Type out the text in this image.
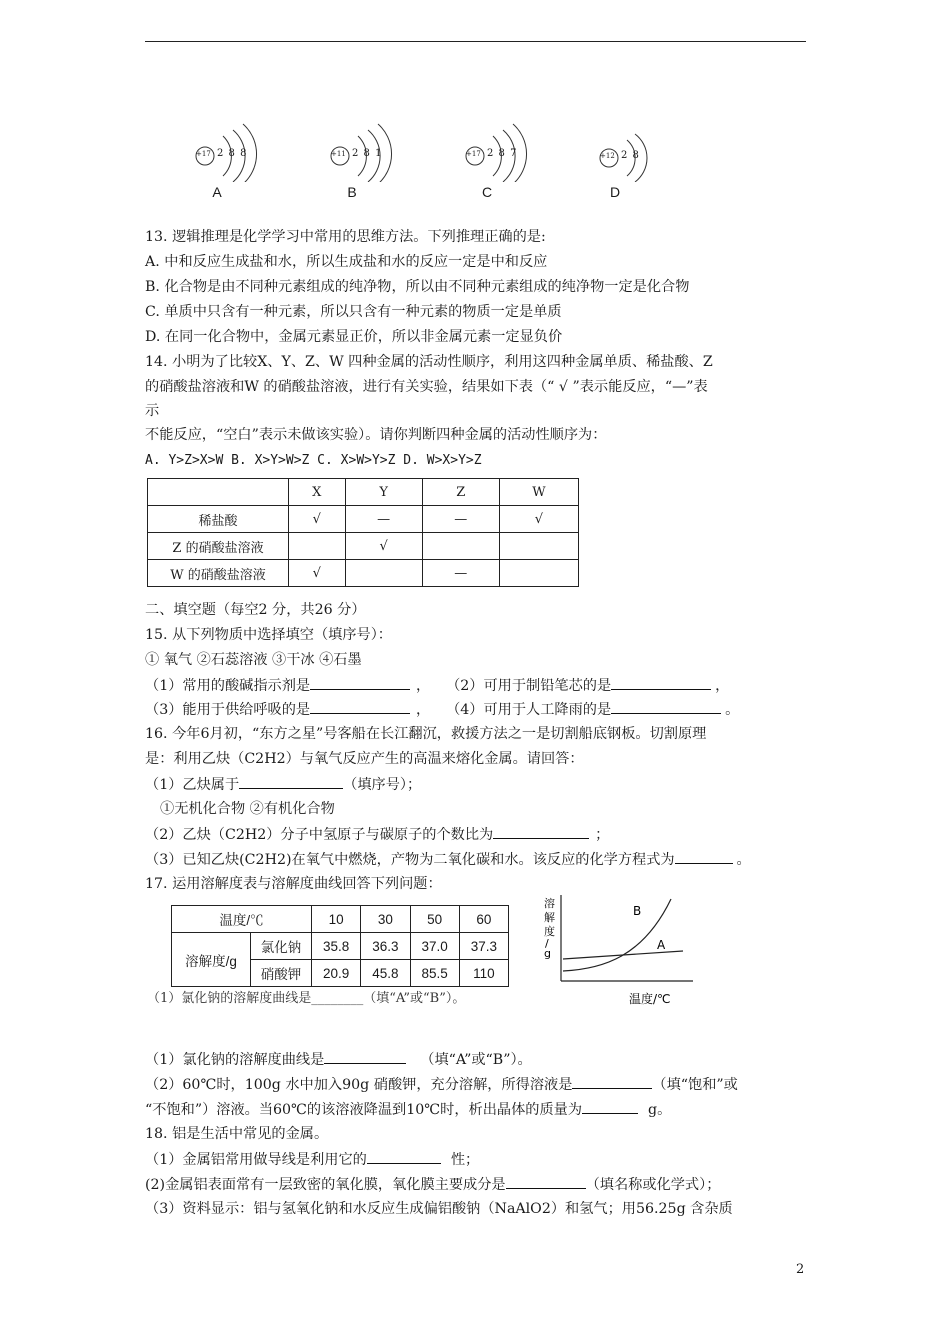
+17 2 8 8
A
+11 2 8 1
B
+17 2 8 7
C
+12 2 8
D
13. 逻辑推理是化学学习中常用的思维方法。下列推理正确的是:
A. 中和反应生成盐和水，所以生成盐和水的反应一定是中和反应
B. 化合物是由不同种元素组成的纯净物，所以由不同种元素组成的纯净物一定是化合物
C. 单质中只含有一种元素，所以只含有一种元素的物质一定是单质
D. 在同一化合物中，金属元素显正价，所以非金属元素一定显负价
14. 小明为了比较X、Y、Z、W 四种金属的活动性顺序，利用这四种金属单质、稀盐酸、Z
的硝酸盐溶液和W 的硝酸盐溶液，进行有关实验，结果如下表（“ √ ”表示能反应，“—”表
示
不能反应，“空白”表示未做该实验）。请你判断四种金属的活动性顺序为：
A. Y>Z>X>W B. X>Y>W>Z C. X>W>Y>Z D. W>X>Y>Z
	X	Y	Z	W
稀盐酸	√	—	—	√
Z 的硝酸盐溶液		√		
W 的硝酸盐溶液	√		—	
二、填空题（每空2 分，共26 分）
15. 从下列物质中选择填空（填序号）：
① 氧气 ②石蕊溶液 ③干冰 ④石墨
（1）常用的酸碱指示剂是	， （2）可用于制铅笔芯的是	，
（3）能用于供给呼吸的是	， （4）可用于人工降雨的是	。
16. 今年6月初，“东方之星”号客船在长江翻沉，救援方法之一是切割船底钢板。切割原理
是：利用乙炔（C2H2）与氧气反应产生的高温来熔化金属。请回答：
（1）乙炔属于	（填序号）；
①无机化合物 ②有机化合物
（2）乙炔（C2H2）分子中氢原子与碳原子的个数比为	；
（3）已知乙炔(C2H2)在氧气中燃烧，产物为二氧化碳和水。该反应的化学方程式为	。
17. 运用溶解度表与溶解度曲线回答下列问题：
温度/℃		10	30	50	60
溶解度/g	氯化钠	35.8	36.3	37.0	37.3
	硝酸钾	20.9	45.8	85.5	110
（1）氯化钠的溶解度曲线是________（填“A”或“B”）。
溶
解
度
/
g
B
A
温度/℃
（1）氯化钠的溶解度曲线是	（填“A”或“B”）。
（2）60℃时，100g 水中加入90g 硝酸钾，充分溶解，所得溶液是	（填“饱和”或
“不饱和”）溶液。当60℃的该溶液降温到10℃时，析出晶体的质量为	g。
18. 铝是生活中常见的金属。
（1）金属铝常用做导线是利用它的	性；
(2)金属铝表面常有一层致密的氧化膜，氧化膜主要成分是	（填名称或化学式）；
（3）资料显示：铝与氢氧化钠和水反应生成偏铝酸钠（NaAlO2）和氢气；用56.25g 含杂质
2
